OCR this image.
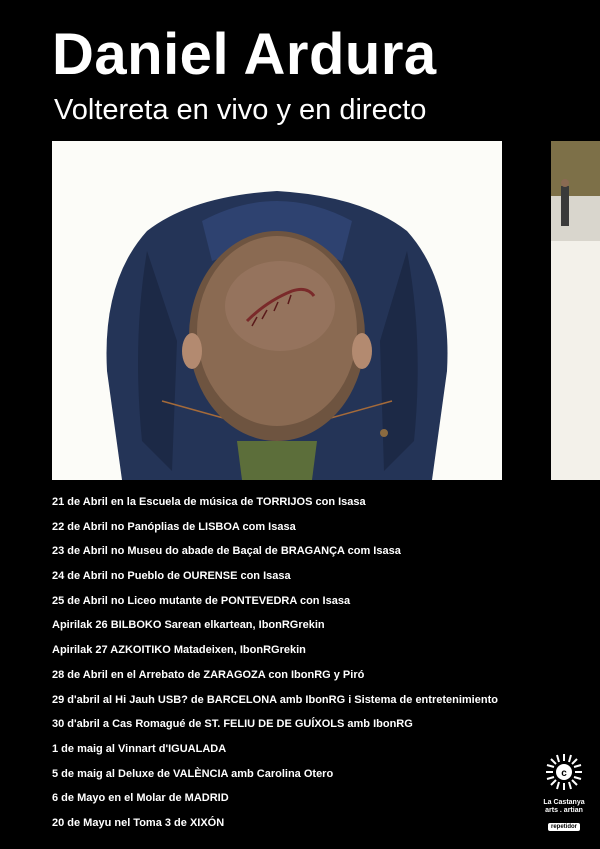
Daniel Ardura
Voltereta en vivo y en directo
21 de Abril en la Escuela de música de TORRIJOS con Isasa
22 de Abril no Panóplias de LISBOA com Isasa
23 de Abril no Museu do abade de Baçal de BRAGANÇA com Isasa
24 de Abril no Pueblo de OURENSE con Isasa
25 de Abril no Liceo mutante de PONTEVEDRA con Isasa
Apirilak 26 BILBOKO Sarean elkartean, IbonRGrekin
Apirilak 27 AZKOITIKO Matadeixen, IbonRGrekin
28 de Abril en el Arrebato de ZARAGOZA con IbonRG y Piró
29 d'abril al Hi Jauh USB? de BARCELONA amb IbonRG i Sistema de entretenimiento
30 d'abril a Cas Romagué de ST. FELIU DE DE GUÍXOLS amb IbonRG
1 de maig al Vinnart d'IGUALADA
5 de maig al Deluxe de VALÈNCIA amb Carolina Otero
6 de Mayo en el Molar de MADRID
20 de Mayu nel Toma 3 de XIXÓN
c
La Castanya
arts . artian
repetidor
